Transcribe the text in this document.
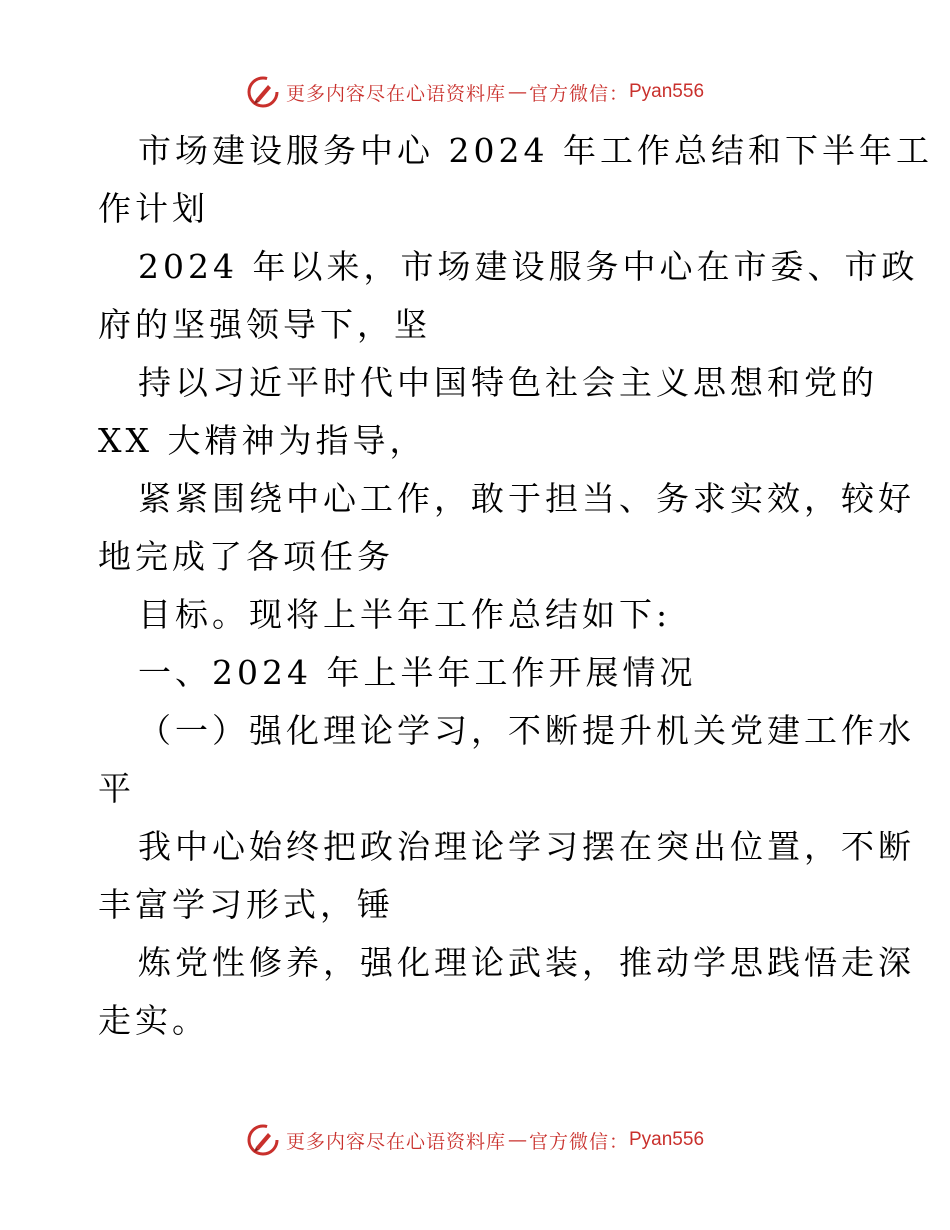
更多内容尽在心语资料库 — 官方微信： Pyan556
市场建设服务中心 2024 年工作总结和下半年工
作计划
2024 年以来，市场建设服务中心在市委、市政
府的坚强领导下，坚
持以习近平时代中国特色社会主义思想和党的
XX 大精神为指导，
紧紧围绕中心工作，敢于担当、务求实效，较好
地完成了各项任务
目标。现将上半年工作总结如下:
一、2024 年上半年工作开展情况
（一）强化理论学习，不断提升机关党建工作水
平
我中心始终把政治理论学习摆在突出位置，不断
丰富学习形式，锤
炼党性修养，强化理论武装，推动学思践悟走深
走实。
更多内容尽在心语资料库 — 官方微信： Pyan556
